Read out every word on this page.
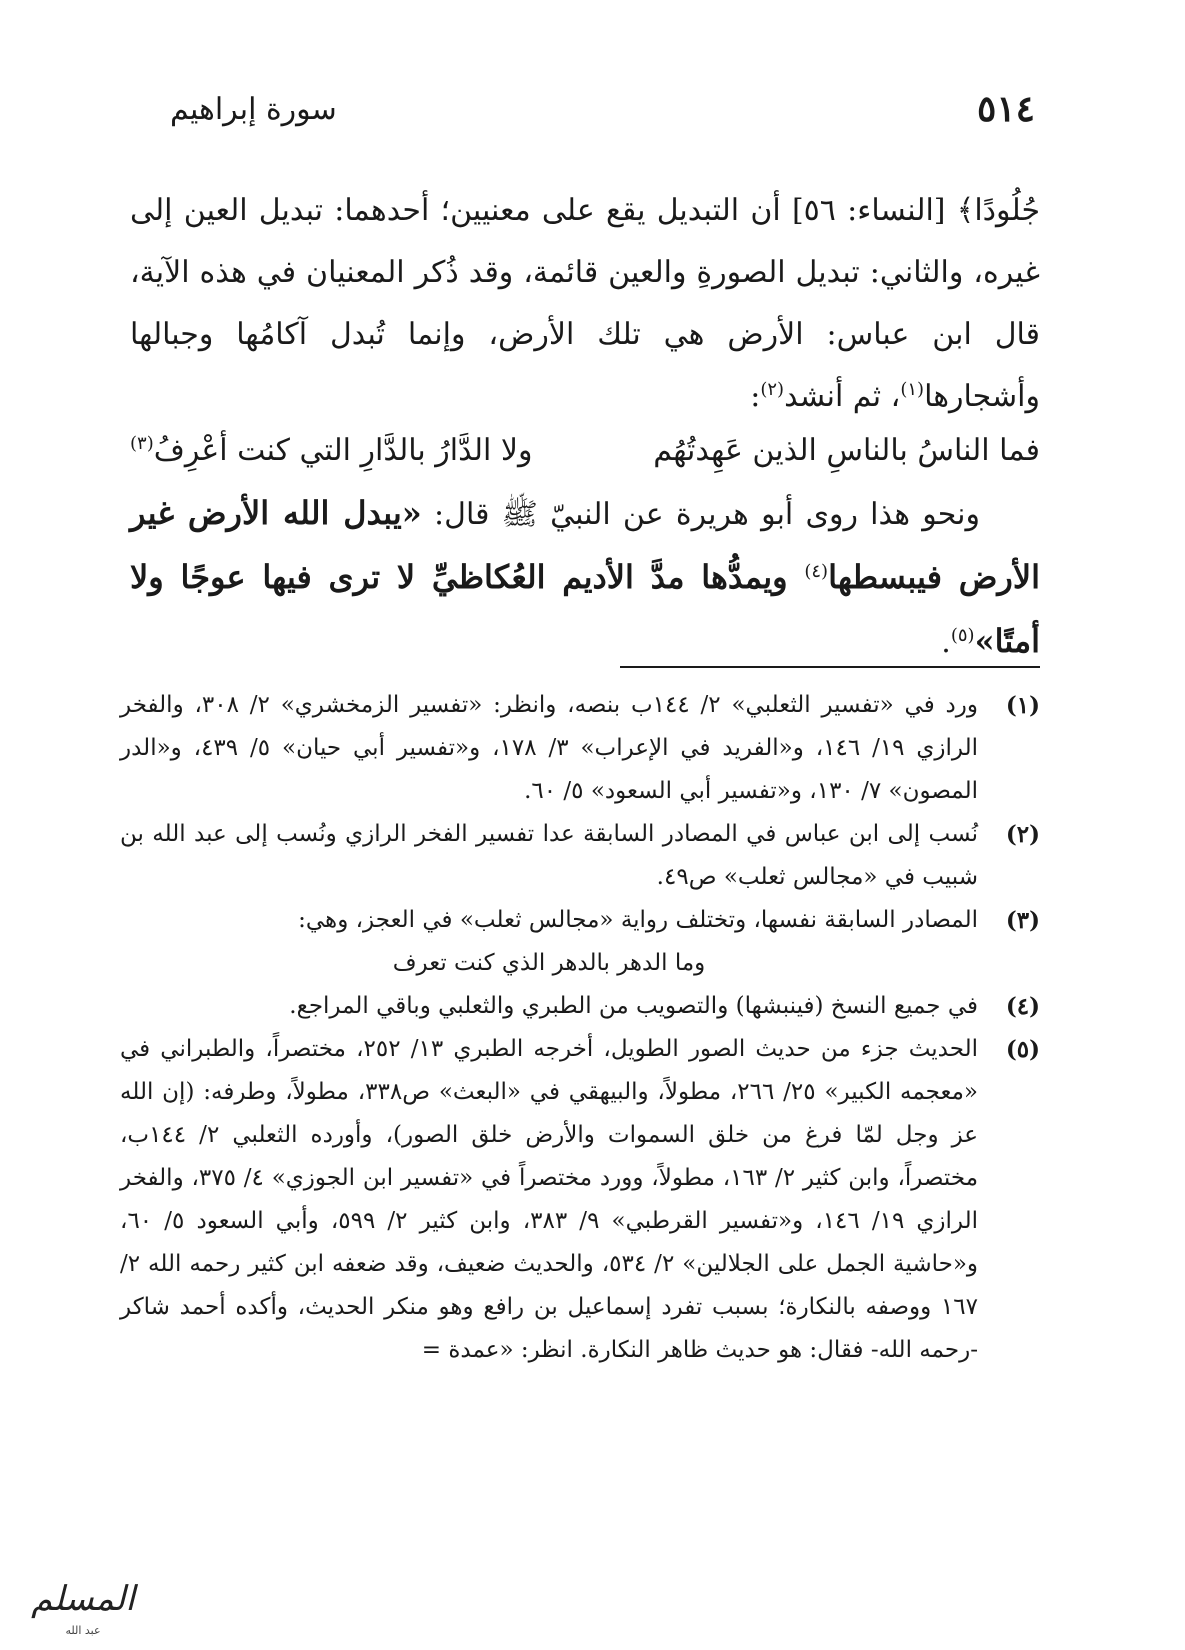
٥١٤
سورة إبراهيم

جُلُودًا﴾ [النساء: ٥٦] أن التبديل يقع على معنيين؛ أحدهما: تبديل العين إلى غيره، والثاني: تبديل الصورةِ والعين قائمة، وقد ذُكر المعنيان في هذه الآية، قال ابن عباس: الأرض هي تلك الأرض، وإنما تُبدل آكامُها وجبالها وأشجارها$^{(١)}$، ثم أنشد$^{(٢)}$:

فما الناسُ بالناسِ الذين عَهِدتُهُم
ولا الدَّارُ بالدَّارِ التي كنت أعْرِفُ$^{(٣)}$

ونحو هذا روى أبو هريرة عن النبيّ ﷺ قال: «يبدل الله الأرض غير الأرض فيبسطها$^{(٤)}$ ويمدُّها مدَّ الأديم العُكاظيِّ لا ترى فيها عوجًا ولا أمتًا»$^{(٥)}$.

(١)
ورد في «تفسير الثعلبي» ٢/ ١٤٤ب بنصه، وانظر: «تفسير الزمخشري» ٢/ ٣٠٨، والفخر الرازي ١٩/ ١٤٦، و«الفريد في الإعراب» ٣/ ١٧٨، و«تفسير أبي حيان» ٥/ ٤٣٩، و«الدر المصون» ٧/ ١٣٠، و«تفسير أبي السعود» ٥/ ٦٠.
(٢)
نُسب إلى ابن عباس في المصادر السابقة عدا تفسير الفخر الرازي ونُسب إلى عبد الله بن شبيب في «مجالس ثعلب» ص٤٩.
(٣)
المصادر السابقة نفسها، وتختلف رواية «مجالس ثعلب» في العجز، وهي:
وما الدهر بالدهر الذي كنت تعرف
(٤)
في جميع النسخ (فينبشها) والتصويب من الطبري والثعلبي وباقي المراجع.
(٥)
الحديث جزء من حديث الصور الطويل، أخرجه الطبري ١٣/ ٢٥٢، مختصراً، والطبراني في «معجمه الكبير» ٢٥/ ٢٦٦، مطولاً، والبيهقي في «البعث» ص٣٣٨، مطولاً، وطرفه: (إن الله عز وجل لمّا فرغ من خلق السموات والأرض خلق الصور)، وأورده الثعلبي ٢/ ١٤٤ب، مختصراً، وابن كثير ٢/ ١٦٣، مطولاً، وورد مختصراً في «تفسير ابن الجوزي» ٤/ ٣٧٥، والفخر الرازي ١٩/ ١٤٦، و«تفسير القرطبي» ٩/ ٣٨٣، وابن كثير ٢/ ٥٩٩، وأبي السعود ٥/ ٦٠، و«حاشية الجمل على الجلالين» ٢/ ٥٣٤، والحديث ضعيف، وقد ضعفه ابن كثير رحمه الله ٢/ ١٦٧ ووصفه بالنكارة؛ بسبب تفرد إسماعيل بن رافع وهو منكر الحديث، وأكده أحمد شاكر -رحمه الله- فقال: هو حديث ظاهر النكارة. انظر: «عمدة =
المسلم
عبد الله
